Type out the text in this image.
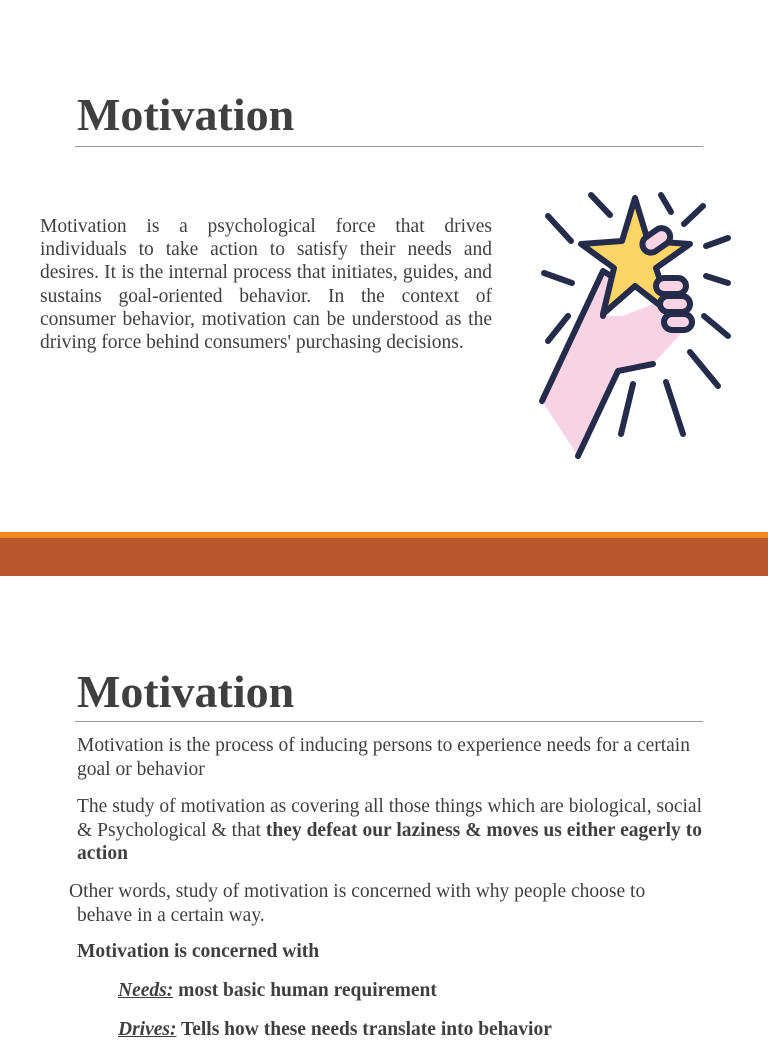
Motivation

Motivation is a psychological force that drives individuals to take action to satisfy their needs and desires. It is the internal process that initiates, guides, and sustains goal-oriented behavior. In the context of consumer behavior, motivation can be understood as the driving force behind consumers' purchasing decisions.

Motivation

Motivation is the process of inducing persons to experience needs for a certain goal or behavior

The study of motivation as covering all those things which are biological, social & Psychological & that they defeat our laziness & moves us either eagerly to action

Other words, study of motivation is concerned with why people choose to
behave in a certain way.

Motivation is concerned with

Needs: most basic human requirement

Drives: Tells how these needs translate into behavior
